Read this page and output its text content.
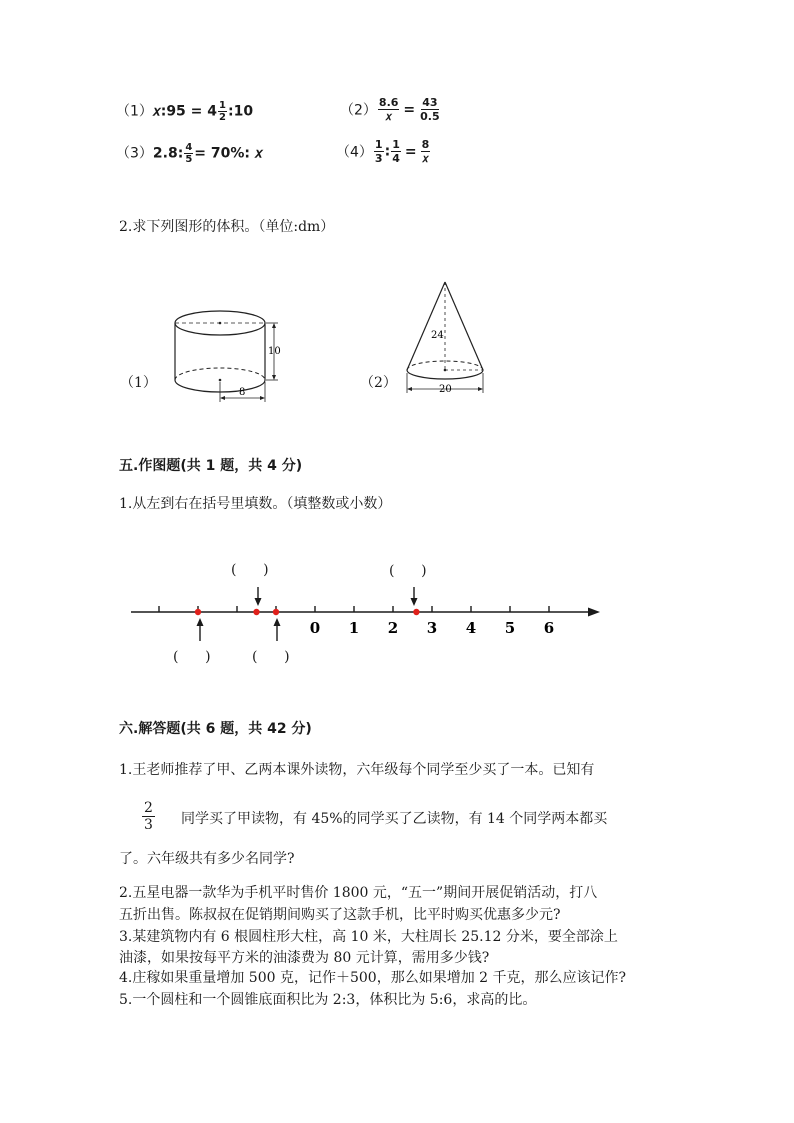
（1）𝑥:95 = $4 \frac{1}{2}$ :10	$(2) \frac{8.6}{\text{𝑥}} = \frac{43}{0.5}$
（3）2.8: $\frac{4}{5} = 70\%$: 𝑥	$(4) \frac{1}{3}$ : $\frac{1}{4} = \frac{8}{\text{𝑥}}$
2.求下列图形的体积。（单位:dm）
（1）	（2）
10
8
24
20
五.作图题(共 1 题，共 4 分)
1.从左到右在括号里填数。（填整数或小数）
0 1 2 3 4 5 6
(      )	(      )
(      )	(      )
六.解答题(共 6 题，共 42 分)
1.王老师推荐了甲、乙两本课外读物，六年级每个同学至少买了一本。已知有
2
3 同学买了甲读物，有 45%的同学买了乙读物，有 14 个同学两本都买
了。六年级共有多少名同学?
2.五星电器一款华为手机平时售价 1800 元，“五一”期间开展促销活动，打八
五折出售。陈叔叔在促销期间购买了这款手机，比平时购买优惠多少元?
3.某建筑物内有 6 根圆柱形大柱，高 10 米，大柱周长 25.12 分米，要全部涂上
油漆，如果按每平方米的油漆费为 80 元计算，需用多少钱?
4.庄稼如果重量增加 500 克，记作＋500，那么如果增加 2 千克，那么应该记作?
5.一个圆柱和一个圆锥底面积比为 2:3，体积比为 5:6，求高的比。
